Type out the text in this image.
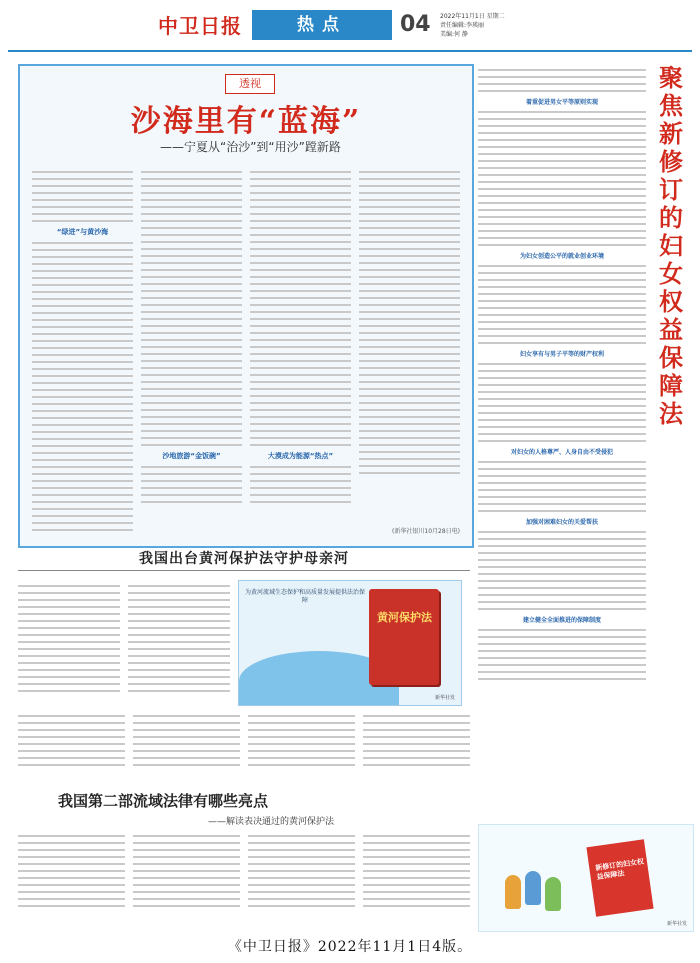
中卫日报	热点	04 2022年11月1日 星期二
责任编辑:李瑛丽
美编:何 静
透视
沙海里有“蓝海”
——宁夏从“治沙”到“用沙”蹚新路
“绿进”与黄沙海
沙地旅游“金饭碗”	大漠成为能源“热点”
(新华社银川10月28日电)
我国出台黄河保护法守护母亲河
为黄河流域生态保护和高质量发展提供法治保障
黄河保护法
新华社发
我国第二部流域法律有哪些亮点
——解读表决通过的黄河保护法
着重促进男女平等原则实现
为妇女创造公平的就业创业环境
妇女享有与男子平等的财产权利
对妇女的人格尊严、人身自由不受侵犯
加强对困难妇女的关爱帮扶
建立健全全面推进的保障制度
聚焦新修订的妇女权益保障法
新修订的妇女权益保障法
新华社发
《中卫日报》2022年11月1日4版。
